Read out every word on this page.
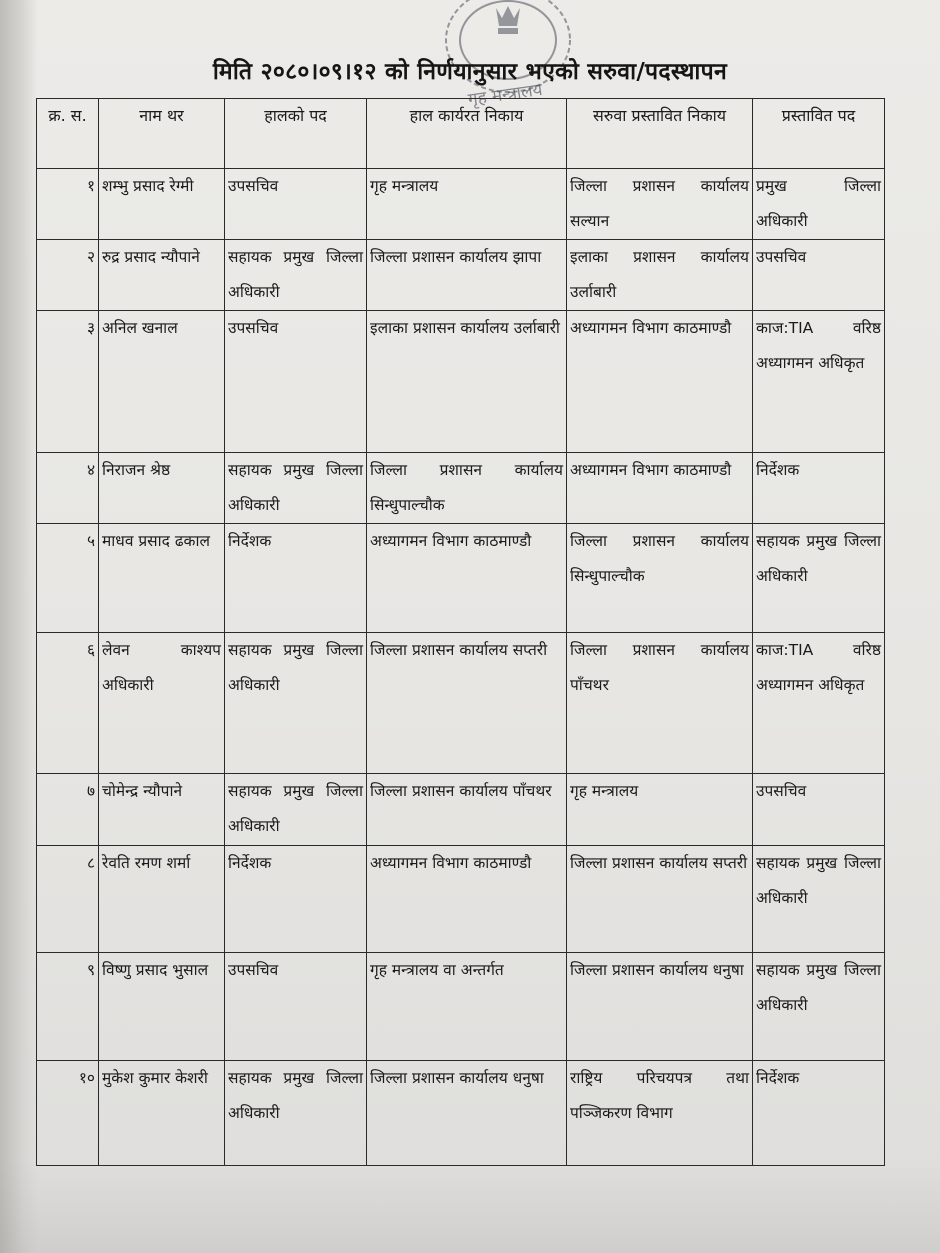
गृह मन्त्रालय
मिति २०८०।०९।१२ को निर्णयानुसार भएको सरुवा/पदस्थापन
क्र. स.	नाम थर	हालको पद	हाल कार्यरत निकाय	सरुवा प्रस्तावित निकाय	प्रस्तावित पद
१	शम्भु प्रसाद रेग्मी	उपसचिव	गृह मन्त्रालय	जिल्ला प्रशासन कार्यालय सल्यान	प्रमुख जिल्ला अधिकारी
२	रुद्र प्रसाद न्यौपाने	सहायक प्रमुख जिल्ला अधिकारी	जिल्ला प्रशासन कार्यालय झापा	इलाका प्रशासन कार्यालय उर्लाबारी	उपसचिव
३	अनिल खनाल	उपसचिव	इलाका प्रशासन कार्यालय उर्लाबारी	अध्यागमन विभाग काठमाण्डौ	काज:TIA वरिष्ठ अध्यागमन अधिकृत
४	निराजन श्रेष्ठ	सहायक प्रमुख जिल्ला अधिकारी	जिल्ला प्रशासन कार्यालय सिन्धुपाल्चौक	अध्यागमन विभाग काठमाण्डौ	निर्देशक
५	माधव प्रसाद ढकाल	निर्देशक	अध्यागमन विभाग काठमाण्डौ	जिल्ला प्रशासन कार्यालय सिन्धुपाल्चौक	सहायक प्रमुख जिल्ला अधिकारी
६	लेवन काश्यप अधिकारी	सहायक प्रमुख जिल्ला अधिकारी	जिल्ला प्रशासन कार्यालय सप्तरी	जिल्ला प्रशासन कार्यालय पाँचथर	काज:TIA वरिष्ठ अध्यागमन अधिकृत
७	चोमेन्द्र न्यौपाने	सहायक प्रमुख जिल्ला अधिकारी	जिल्ला प्रशासन कार्यालय पाँचथर	गृह मन्त्रालय	उपसचिव
८	रेवति रमण शर्मा	निर्देशक	अध्यागमन विभाग काठमाण्डौ	जिल्ला प्रशासन कार्यालय सप्तरी	सहायक प्रमुख जिल्ला अधिकारी
९	विष्णु प्रसाद भुसाल	उपसचिव	गृह मन्त्रालय वा अन्तर्गत	जिल्ला प्रशासन कार्यालय धनुषा	सहायक प्रमुख जिल्ला अधिकारी
१०	मुकेश कुमार केशरी	सहायक प्रमुख जिल्ला अधिकारी	जिल्ला प्रशासन कार्यालय धनुषा	राष्ट्रिय परिचयपत्र तथा पञ्जिकरण विभाग	निर्देशक
